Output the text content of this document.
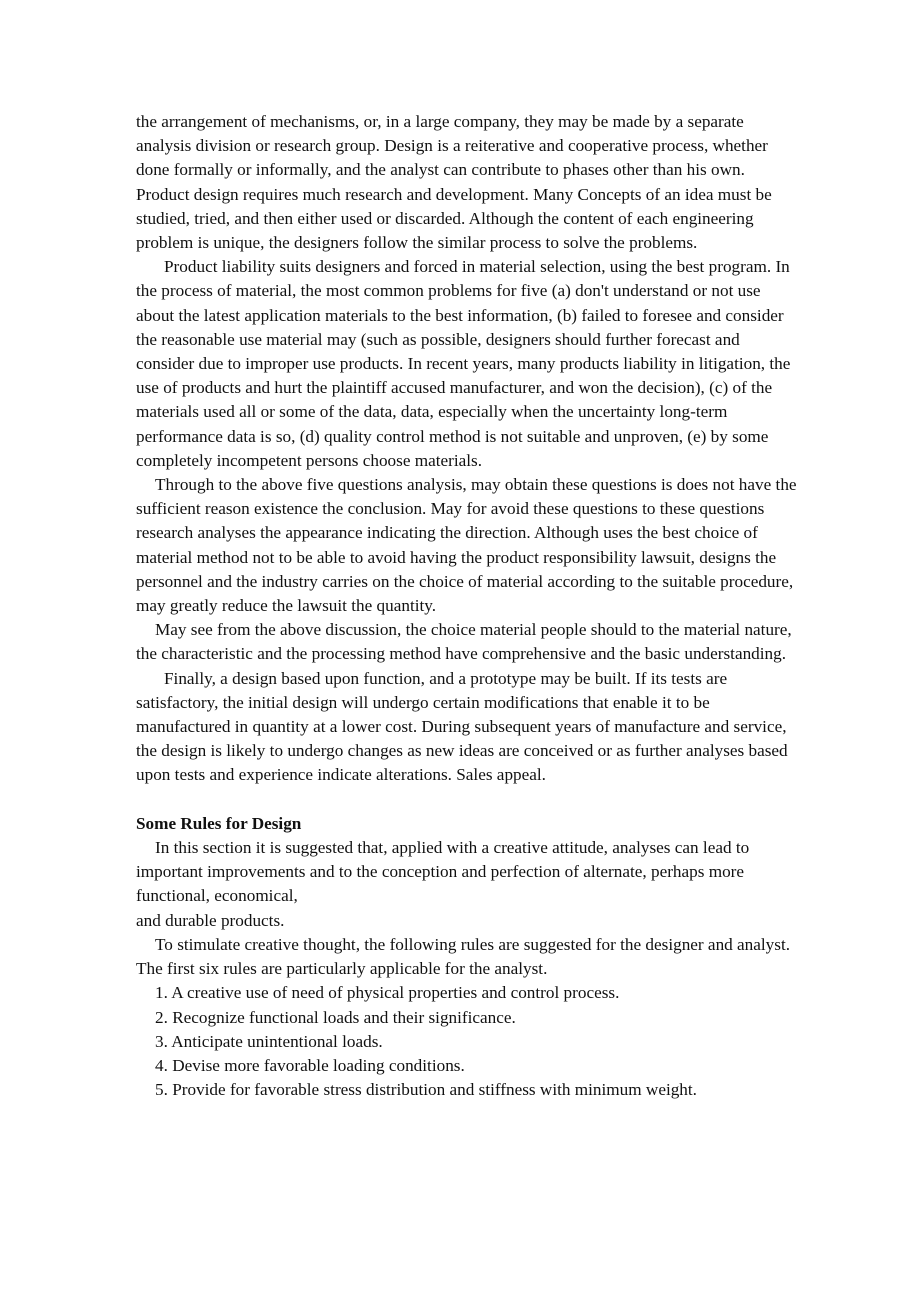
the arrangement of mechanisms, or, in a large company, they may be made by a separate analysis division or research group. Design is a reiterative and cooperative process, whether done formally or informally, and the analyst can contribute to phases other than his own. Product design requires much research and development. Many Concepts of an idea must be studied, tried, and then either used or discarded. Although the content of each engineering problem is unique, the designers follow the similar process to solve the problems.

Product liability suits designers and forced in material selection, using the best program. In the process of material, the most common problems for five (a) don't understand or not use about the latest application materials to the best information, (b) failed to foresee and consider the reasonable use material may (such as possible, designers should further forecast and consider due to improper use products. In recent years, many products liability in litigation, the use of products and hurt the plaintiff accused manufacturer, and won the decision), (c) of the materials used all or some of the data, data, especially when the uncertainty long-term performance data is so, (d) quality control method is not suitable and unproven, (e) by some completely incompetent persons choose materials.

Through to the above five questions analysis, may obtain these questions is does not have the sufficient reason existence the conclusion. May for avoid these questions to these questions research analyses the appearance indicating the direction. Although uses the best choice of material method not to be able to avoid having the product responsibility lawsuit, designs the personnel and the industry carries on the choice of material according to the suitable procedure, may greatly reduce the lawsuit the quantity.

May see from the above discussion, the choice material people should to the material nature, the characteristic and the processing method have comprehensive and the basic understanding.

Finally, a design based upon function, and a prototype may be built. If its tests are satisfactory, the initial design will undergo certain modifications that enable it to be manufactured in quantity at a lower cost. During subsequent years of manufacture and service, the design is likely to undergo changes as new ideas are conceived or as further analyses based upon tests and experience indicate alterations. Sales appeal.

Some Rules for Design

In this section it is suggested that, applied with a creative attitude, analyses can lead to important improvements and to the conception and perfection of alternate, perhaps more functional, economical,

and durable products.

To stimulate creative thought, the following rules are suggested for the designer and analyst. The first six rules are particularly applicable for the analyst.

1. A creative use of need of physical properties and control process.
2. Recognize functional loads and their significance.
3. Anticipate unintentional loads.
4. Devise more favorable loading conditions.
5. Provide for favorable stress distribution and stiffness with minimum weight.
